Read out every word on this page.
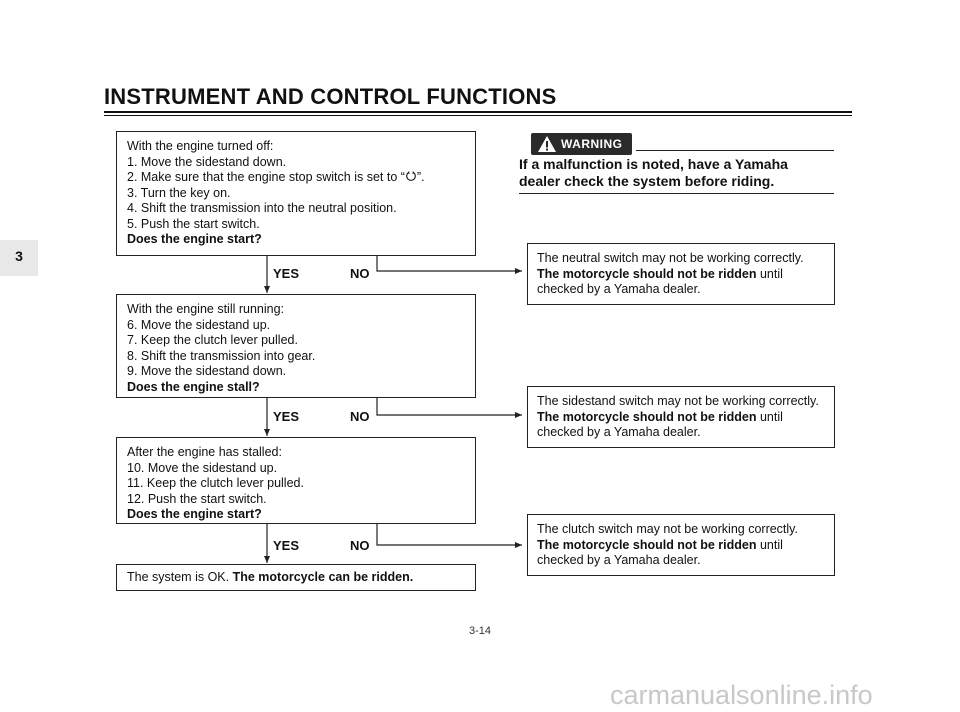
INSTRUMENT AND CONTROL FUNCTIONS
3
With the engine turned off:
1. Move the sidestand down.
2. Make sure that the engine stop switch is set to “ ”.
3. Turn the key on.
4. Shift the transmission into the neutral position.
5. Push the start switch.
Does the engine start?
YES	NO
With the engine still running:
6. Move the sidestand up.
7. Keep the clutch lever pulled.
8. Shift the transmission into gear.
9. Move the sidestand down.
Does the engine stall?
YES	NO
After the engine has stalled:
10. Move the sidestand up.
11. Keep the clutch lever pulled.
12. Push the start switch.
Does the engine start?
YES	NO
The system is OK. The motorcycle can be ridden.
WARNING
If a malfunction is noted, have a Yamaha
dealer check the system before riding.
The neutral switch may not be working correctly.
The motorcycle should not be ridden until
checked by a Yamaha dealer.
The sidestand switch may not be working correctly.
The motorcycle should not be ridden until
checked by a Yamaha dealer.
The clutch switch may not be working correctly.
The motorcycle should not be ridden until
checked by a Yamaha dealer.
3-14
carmanualsonline.info
